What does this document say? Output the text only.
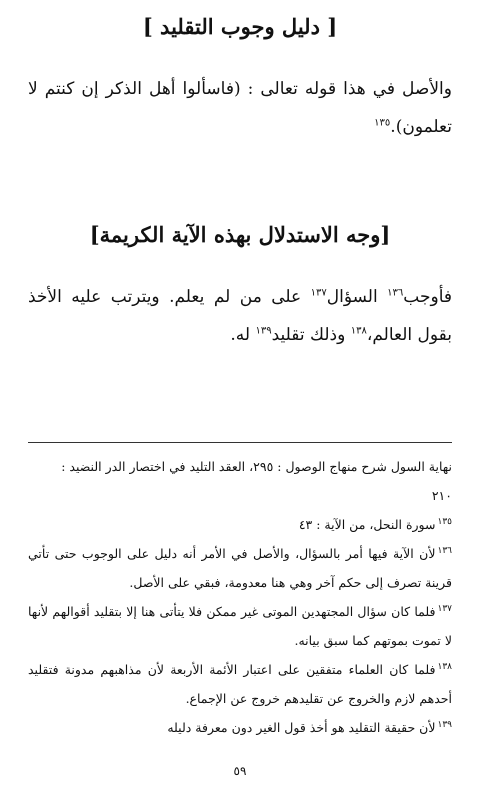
[ دليل وجوب التقليد ]

والأصل في هذا قوله تعالى : (فاسألوا أهل الذكر إن كنتم لا تعلمون).$^{١٣٥}$

[وجه الاستدلال بهذه الآية الكريمة]

فأوجب$^{١٣٦}$ السؤال$^{١٣٧}$ على من لم يعلم. ويترتب عليه الأخذ بقول العالم،$^{١٣٨}$ وذلك تقليد$^{١٣٩}$ له.

نهاية السول شرح منهاج الوصول : ٢٩٥، العقد التليد في اختصار الدر النضيد :

٢١٠

$^{١٣٥}$سورة النحل، من الآية : ٤٣

$^{١٣٦}$لأن الآية فيها أمر بالسؤال، والأصل في الأمر أنه دليل على الوجوب حتى تأتي قرينة تصرف إلى حكم آخر وهي هنا معدومة، فبقي على الأصل.

$^{١٣٧}$فلما كان سؤال المجتهدين الموتى غير ممكن فلا يتأتى هنا إلا بتقليد أقوالهم لأنها لا تموت بموتهم كما سبق بيانه.

$^{١٣٨}$فلما كان العلماء متفقين على اعتبار الأئمة الأربعة لأن مذاهبهم مدونة فتقليد أحدهم لازم والخروج عن تقليدهم خروج عن الإجماع.

$^{١٣٩}$لأن حقيقة التقليد هو أخذ قول الغير دون معرفة دليله

٥٩
